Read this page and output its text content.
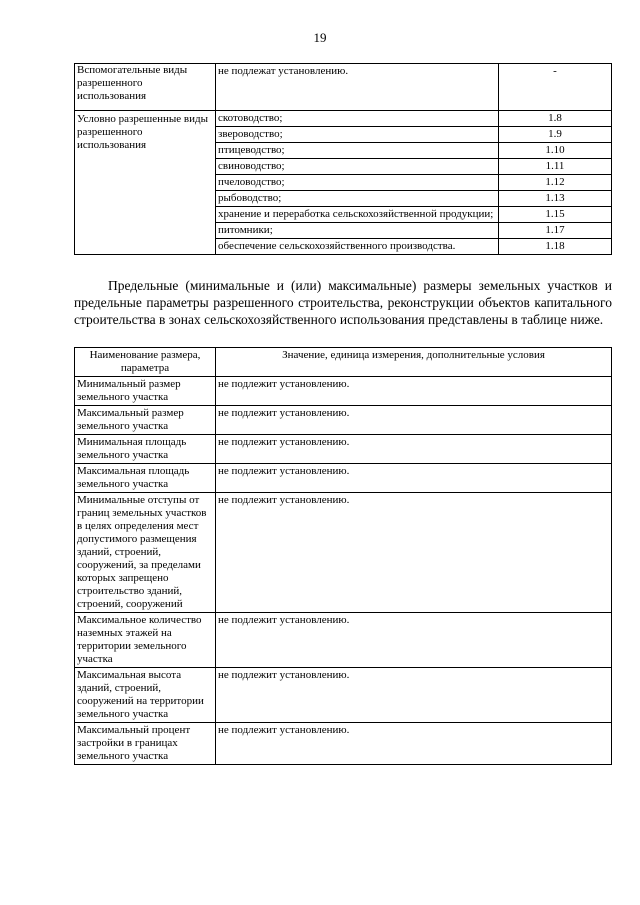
19
Вспомогательные виды разрешенного использования	не подлежат установлению.	-
Условно разрешенные виды разрешенного использования	скотоводство;	1.8
	звероводство;	1.9
	птицеводство;	1.10
	свиноводство;	1.11
	пчеловодство;	1.12
	рыбоводство;	1.13
	хранение и переработка сельскохозяйственной продукции;	1.15
	питомники;	1.17
	обеспечение сельскохозяйственного производства.	1.18
Предельные (минимальные и (или) максимальные) размеры земельных участков и предельные параметры разрешенного строительства, реконструкции объектов капитального строительства в зонах сельскохозяйственного использования представлены в таблице ниже.
Наименование размера, параметра	Значение, единица измерения, дополнительные условия
Минимальный размер земельного участка	не подлежит установлению.
Максимальный размер земельного участка	не подлежит установлению.
Минимальная площадь земельного участка	не подлежит установлению.
Максимальная площадь земельного участка	не подлежит установлению.
Минимальные отступы от границ земельных участков в целях определения мест допустимого размещения зданий, строений, сооружений, за пределами которых запрещено строительство зданий, строений, сооружений	не подлежит установлению.
Максимальное количество наземных этажей на территории земельного участка	не подлежит установлению.
Максимальная высота зданий, строений, сооружений на территории земельного участка	не подлежит установлению.
Максимальный процент застройки в границах земельного участка	не подлежит установлению.
